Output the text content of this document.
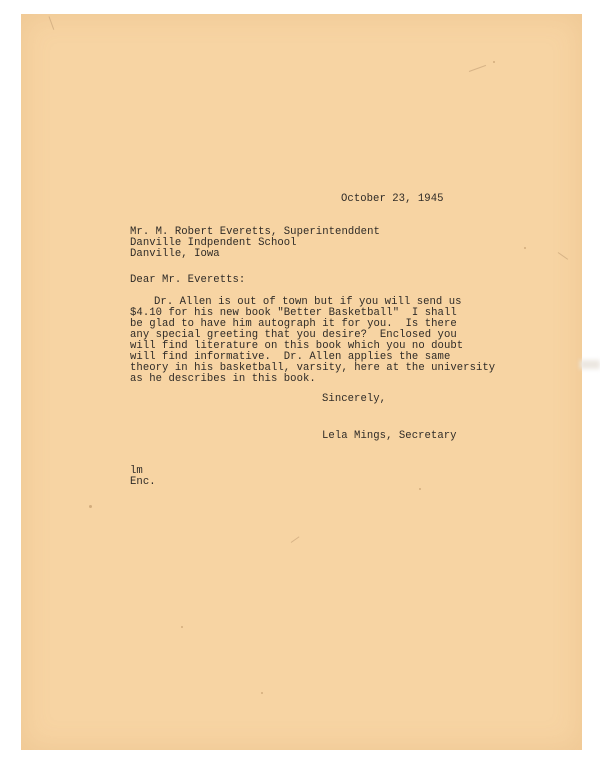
October 23, 1945
Mr. M. Robert Everetts, Superintenddent
Danville Indpendent School
Danville, Iowa
Dear Mr. Everetts:
Dr. Allen is out of town but if you will send us
$4.10 for his new book "Better Basketball"  I shall
be glad to have him autograph it for you.  Is there
any special greeting that you desire?  Enclosed you
will find literature on this book which you no doubt
will find informative.  Dr. Allen applies the same
theory in his basketball, varsity, here at the university
as he describes in this book.
Sincerely,
Lela Mings, Secretary
lm
Enc.
